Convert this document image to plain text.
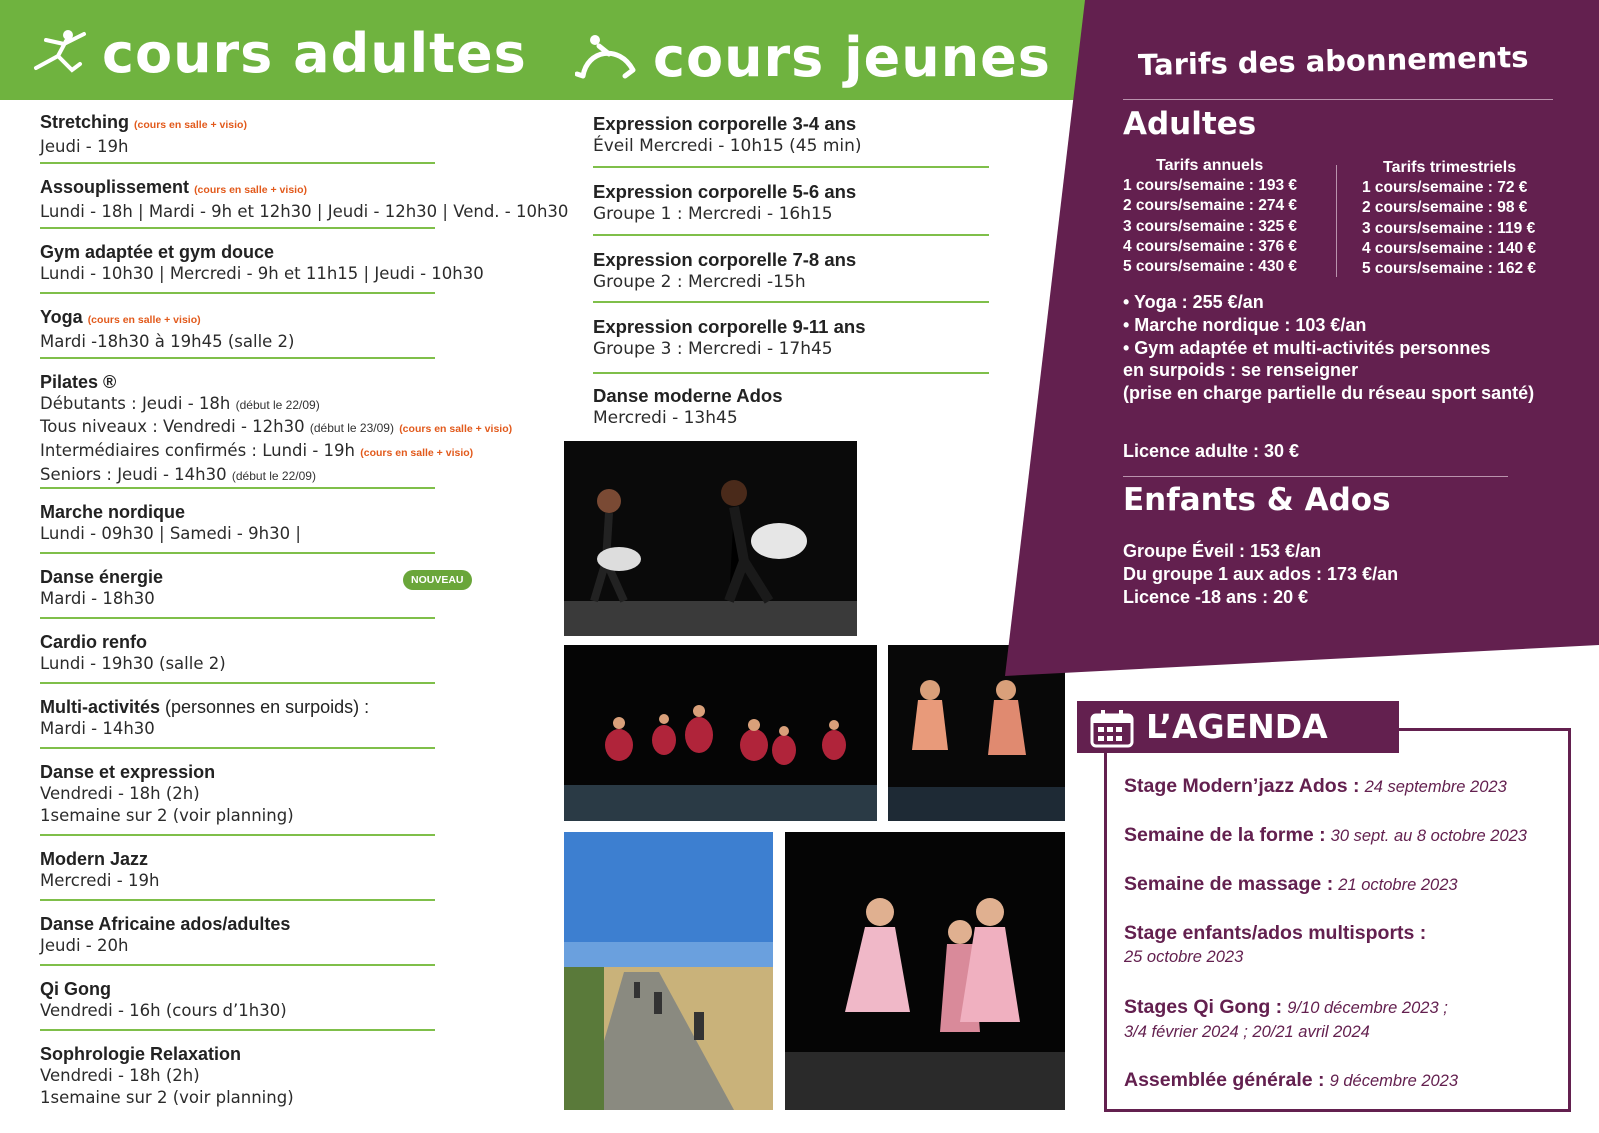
cours adultes	cours jeunes
Stretching (cours en salle + visio)
Jeudi - 19h
Assouplissement (cours en salle + visio)
Lundi - 18h | Mardi - 9h et 12h30 | Jeudi - 12h30 | Vend. - 10h30
Gym adaptée et gym douce
Lundi - 10h30 | Mercredi - 9h et 11h15 | Jeudi - 10h30
Yoga (cours en salle + visio)
Mardi -18h30 à 19h45 (salle 2)
Pilates ®
Débutants : Jeudi - 18h (début le 22/09)
Tous niveaux : Vendredi - 12h30 (début le 23/09) (cours en salle + visio)
Intermédiaires confirmés : Lundi - 19h (cours en salle + visio)
Seniors : Jeudi - 14h30 (début le 22/09)
Marche nordique
Lundi - 09h30 | Samedi - 9h30 |
Danse énergie
Mardi - 18h30
NOUVEAU
Cardio renfo
Lundi - 19h30 (salle 2)
Multi-activités (personnes en surpoids) :
Mardi - 14h30
Danse et expression
Vendredi - 18h (2h)
1semaine sur 2 (voir planning)
Modern Jazz
Mercredi - 19h
Danse Africaine ados/adultes
Jeudi - 20h
Qi Gong
Vendredi - 16h (cours d’1h30)
Sophrologie Relaxation
Vendredi - 18h (2h)
1semaine sur 2 (voir planning)
Expression corporelle 3-4 ans
Éveil Mercredi - 10h15 (45 min)
Expression corporelle 5-6 ans
Groupe 1 : Mercredi - 16h15
Expression corporelle 7-8 ans
Groupe 2 : Mercredi -15h
Expression corporelle 9-11 ans
Groupe 3 : Mercredi - 17h45
Danse moderne Ados
Mercredi - 13h45
Tarifs des abonnements
Adultes
Tarifs annuels
1 cours/semaine : 193 €
2 cours/semaine : 274 €
3 cours/semaine : 325 €
4 cours/semaine : 376 €
5 cours/semaine : 430 €
Tarifs trimestriels
1 cours/semaine : 72 €
2 cours/semaine : 98 €
3 cours/semaine : 119 €
4 cours/semaine : 140 €
5 cours/semaine : 162 €
• Yoga : 255 €/an
• Marche nordique : 103 €/an
• Gym adaptée et multi-activités personnes
en surpoids : se renseigner
(prise en charge partielle du réseau sport santé)
Licence adulte : 30 €
Enfants & Ados
Groupe Éveil : 153 €/an
Du groupe 1 aux ados : 173 €/an
Licence -18 ans : 20 €
L’AGENDA
Stage Modern’jazz Ados : 24 septembre 2023
Semaine de la forme : 30 sept. au 8 octobre 2023
Semaine de massage : 21 octobre 2023
Stage enfants/ados multisports :
25 octobre 2023
Stages Qi Gong : 9/10 décembre 2023 ;
3/4 février 2024 ; 20/21 avril 2024
Assemblée générale : 9 décembre 2023
